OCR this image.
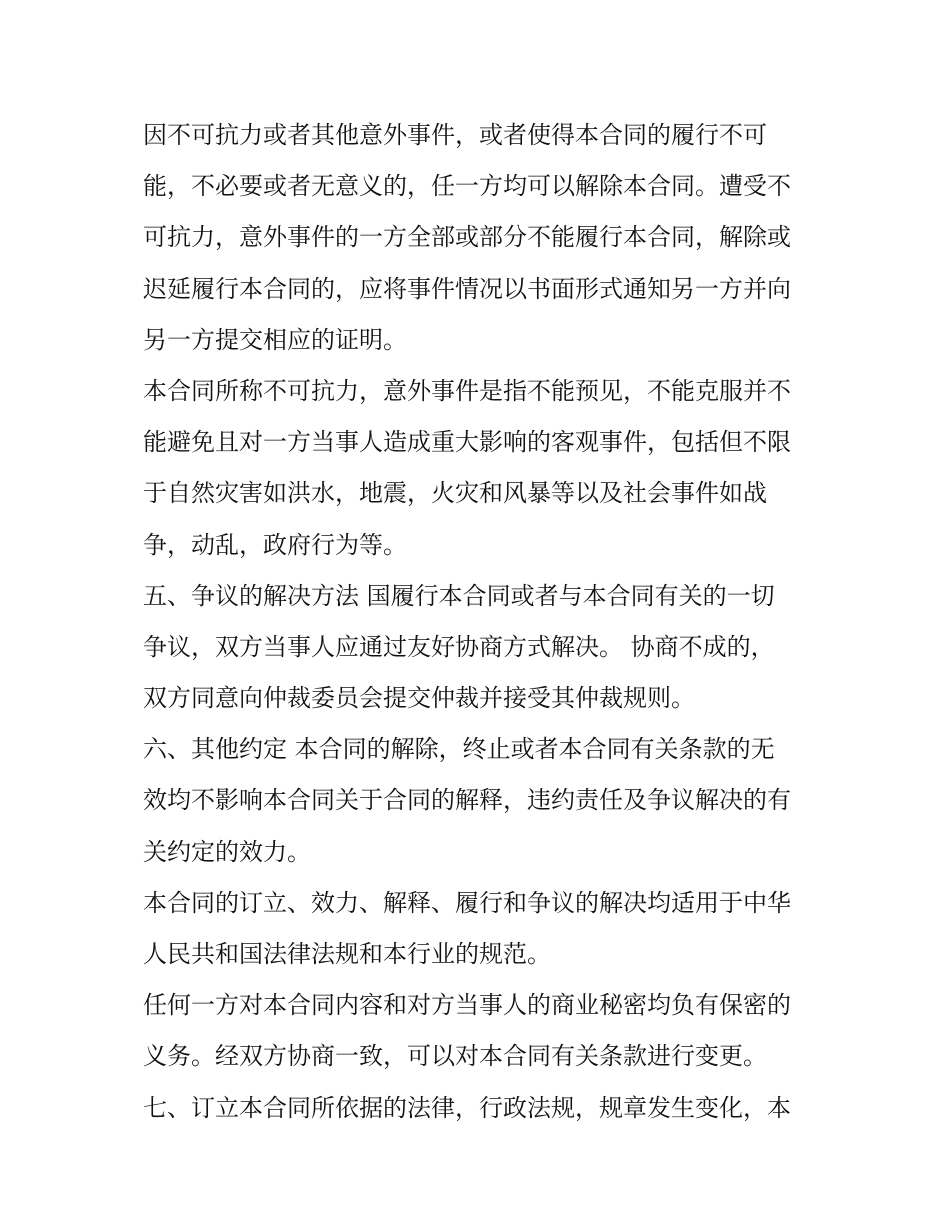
因不可抗力或者其他意外事件，或者使得本合同的履行不可
能，不必要或者无意义的，任一方均可以解除本合同。遭受不
可抗力，意外事件的一方全部或部分不能履行本合同，解除或
迟延履行本合同的，应将事件情况以书面形式通知另一方并向
另一方提交相应的证明。
本合同所称不可抗力，意外事件是指不能预见，不能克服并不
能避免且对一方当事人造成重大影响的客观事件，包括但不限
于自然灾害如洪水，地震，火灾和风暴等以及社会事件如战
争，动乱，政府行为等。
五、争议的解决方法 国履行本合同或者与本合同有关的一切
争议，双方当事人应通过友好协商方式解决。 协商不成的，
双方同意向仲裁委员会提交仲裁并接受其仲裁规则。
六、其他约定 本合同的解除，终止或者本合同有关条款的无
效均不影响本合同关于合同的解释，违约责任及争议解决的有
关约定的效力。
本合同的订立、效力、解释、履行和争议的解决均适用于中华
人民共和国法律法规和本行业的规范。
任何一方对本合同内容和对方当事人的商业秘密均负有保密的
义务。经双方协商一致，可以对本合同有关条款进行变更。
七、订立本合同所依据的法律，行政法规，规章发生变化，本
